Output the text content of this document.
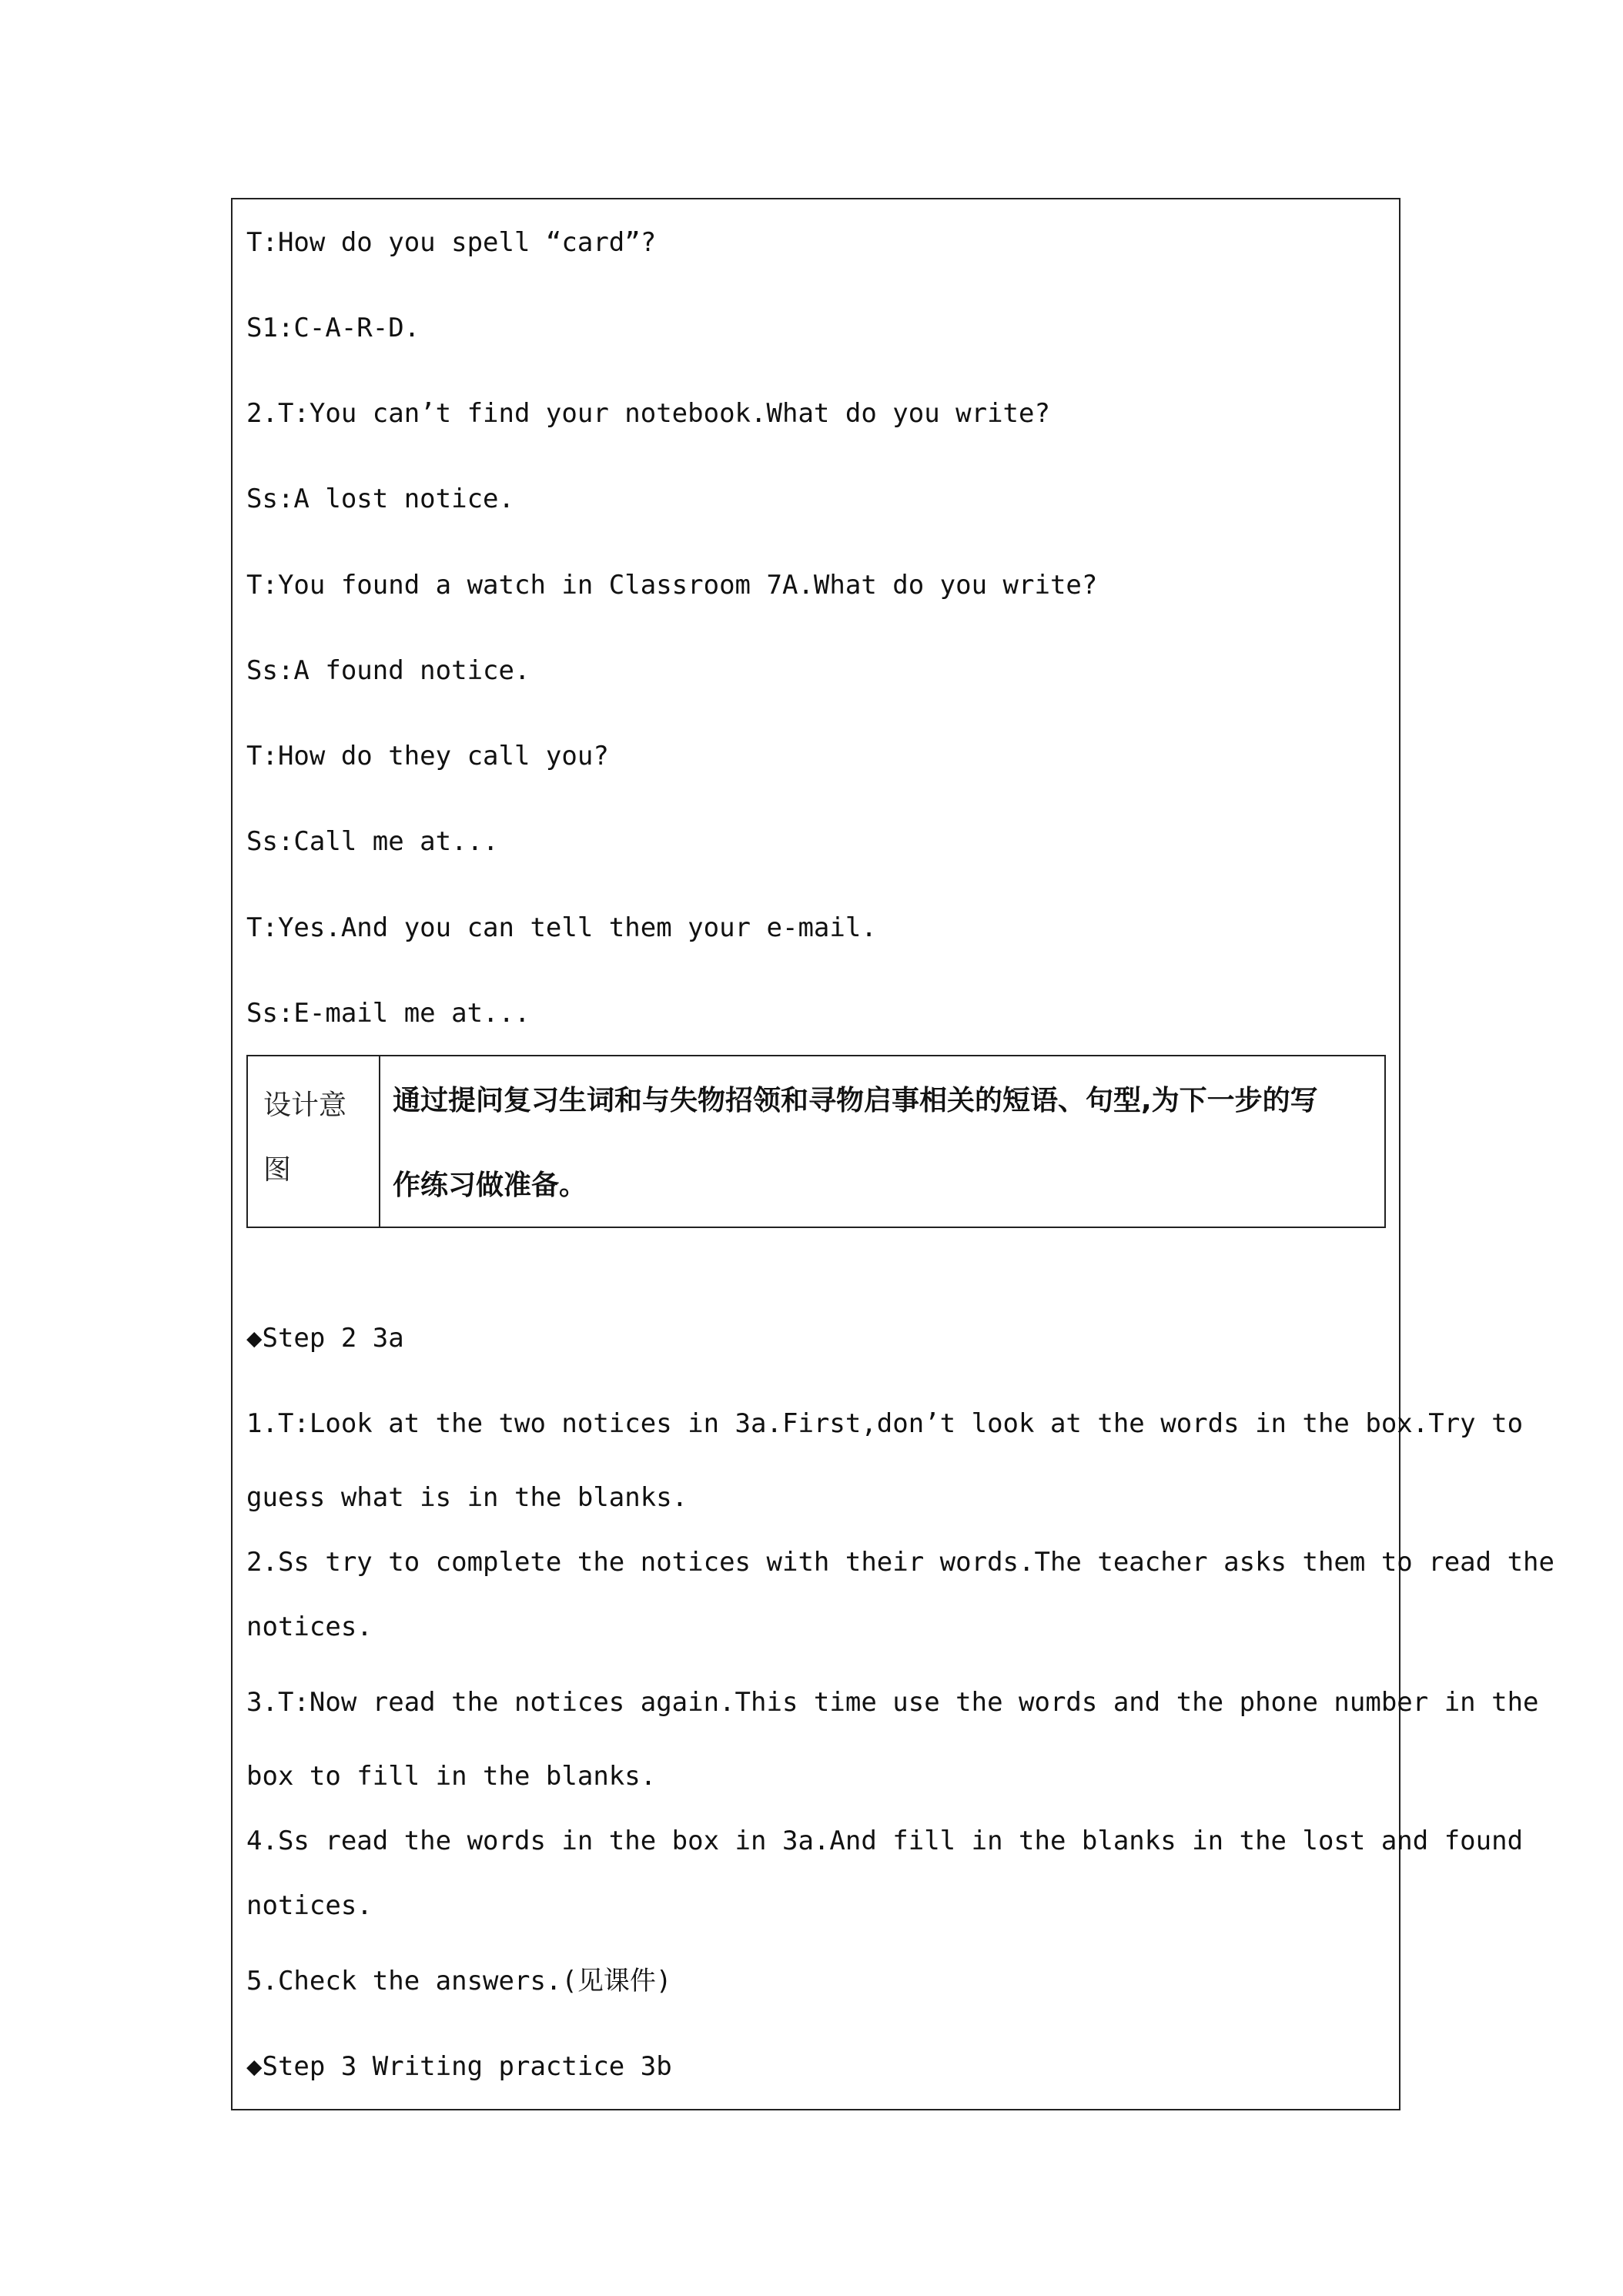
T:How do you spell “card”?
S1:C-A-R-D.
2.T:You can’t find your notebook.What do you write?
Ss:A lost notice.
T:You found a watch in Classroom 7A.What do you write?
Ss:A found notice.
T:How do they call you?
Ss:Call me at...
T:Yes.And you can tell them your e-mail.
Ss:E-mail me at...
设计意
图
通过提问复习生词和与失物招领和寻物启事相关的短语、句型,为下一步的写
作练习做准备。
◆Step 2 3a
1.T:Look at the two notices in 3a.First,don’t look at the words in the box.Try to
guess what is in the blanks.
2.Ss try to complete the notices with their words.The teacher asks them to read the
notices.
3.T:Now read the notices again.This time use the words and the phone number in the
box to fill in the blanks.
4.Ss read the words in the box in 3a.And fill in the blanks in the lost and found
notices.
5.Check the answers.(见课件)
◆Step 3 Writing practice 3b
